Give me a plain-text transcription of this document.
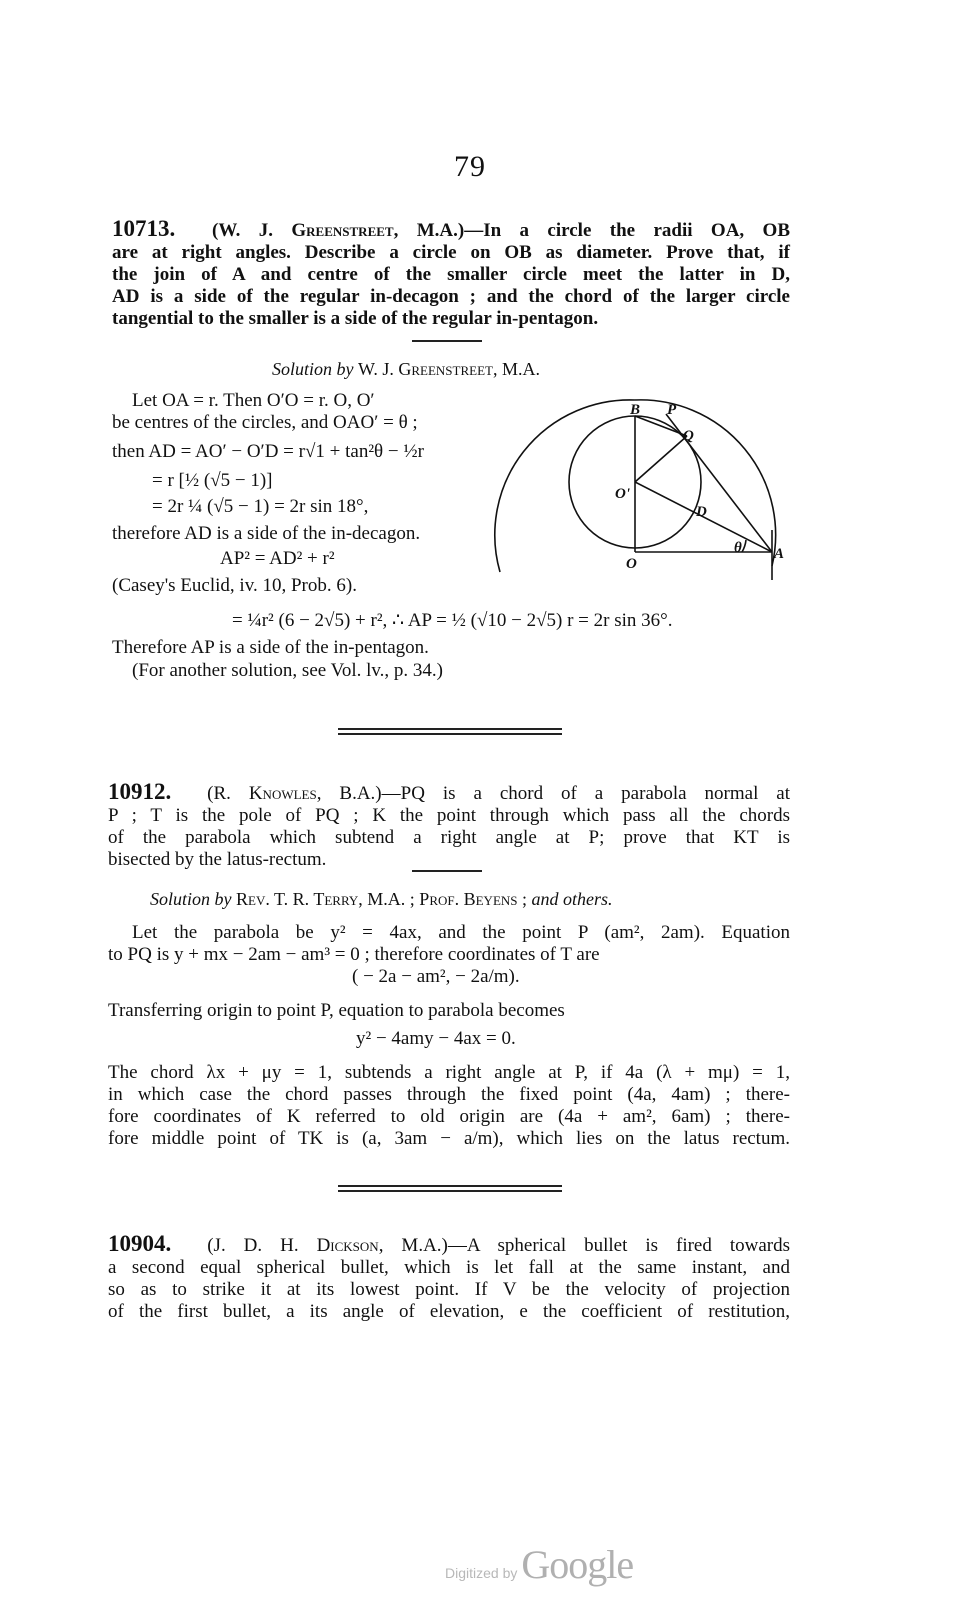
79
10713. (W. J. Greenstreet, M.A.)—In a circle the radii OA, OB
are at right angles. Describe a circle on OB as diameter. Prove that, if
the join of A and centre of the smaller circle meet the latter in D,
AD is a side of the regular in-decagon ; and the chord of the larger circle
tangential to the smaller is a side of the regular in-pentagon.
Solution by W. J. Greenstreet, M.A.
Let OA = r. Then O′O = r. O, O′
be centres of the circles, and OAO′ = θ ;
then AD = AO′ − O′D = r√1 + tan²θ − ½r
= r [½ (√5 − 1)]
= 2r ¼ (√5 − 1) = 2r sin 18°,
therefore AD is a side of the in-decagon.
AP² = AD² + r²
(Casey's Euclid, iv. 10, Prob. 6).
= ¼r² (6 − 2√5) + r², ∴ AP = ½ (√10 − 2√5) r = 2r sin 36°.
Therefore AP is a side of the in-pentagon.
(For another solution, see Vol. lv., p. 34.)
B P
Q
O'
D
θ
O
A
10912. (R. Knowles, B.A.)—PQ is a chord of a parabola normal at
P ; T is the pole of PQ ; K the point through which pass all the chords
of the parabola which subtend a right angle at P; prove that KT is
bisected by the latus-rectum.
Solution by Rev. T. R. Terry, M.A. ; Prof. Beyens ; and others.
Let the parabola be y² = 4ax, and the point P (am², 2am). Equation
to PQ is y + mx − 2am − am³ = 0 ; therefore coordinates of T are
( − 2a − am², − 2a/m).
Transferring origin to point P, equation to parabola becomes
y² − 4amy − 4ax = 0.
The chord λx + μy = 1, subtends a right angle at P, if 4a (λ + mμ) = 1,
in which case the chord passes through the fixed point (4a, 4am) ; there-
fore coordinates of K referred to old origin are (4a + am², 6am) ; there-
fore middle point of TK is (a, 3am − a/m), which lies on the latus rectum.
10904. (J. D. H. Dickson, M.A.)—A spherical bullet is fired towards
a second equal spherical bullet, which is let fall at the same instant, and
so as to strike it at its lowest point. If V be the velocity of projection
of the first bullet, a its angle of elevation, e the coefficient of restitution,
Digitized by Google
